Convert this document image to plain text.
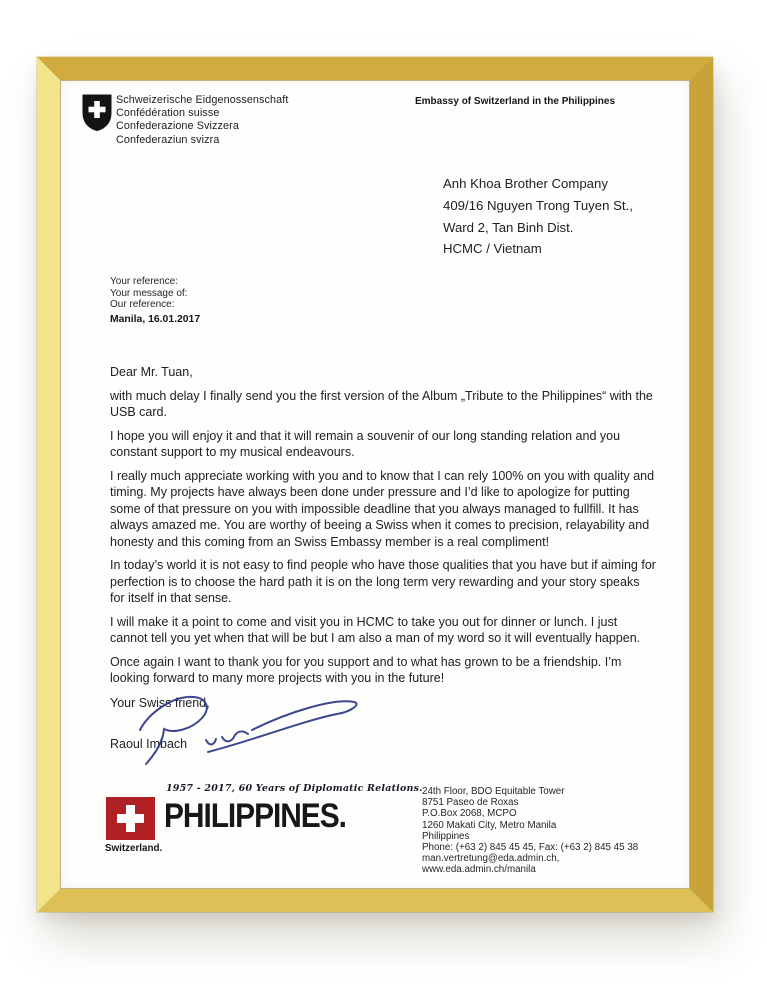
Schweizerische Eidgenossenschaft
Confédération suisse
Confederazione Svizzera
Confederaziun svizra
Embassy of Switzerland in the Philippines
Anh Khoa Brother Company
409/16 Nguyen Trong Tuyen St.,
Ward 2, Tan Binh Dist.
HCMC / Vietnam
Your reference:
Your message of:
Our reference:
Manila, 16.01.2017

Dear Mr. Tuan,

with much delay I finally send you the first version of the Album „Tribute to the Philippines“ with the USB card.

I hope you will enjoy it and that it will remain a souvenir of our long standing relation and you constant support to my musical endeavours.

I really much appreciate working with you and to know that I can rely 100% on you with quality and timing. My projects have always been done under pressure and I’d like to apologize for putting some of that pressure on you with impossible deadline that you always managed to fullfill. It has always amazed me. You are worthy of beeing a Swiss when it comes to precision, relayability and honesty and this coming from an Swiss Embassy member is a real compliment!

In today’s world it is not easy to find people who have those qualities that you have but if aiming for perfection is to choose the hard path it is on the long term very rewarding and your story speaks for itself in that sense.

I will make it a point to come and visit you in HCMC to take you out for dinner or lunch. I just cannot tell you yet when that will be but I am also a man of my word so it will eventually happen.

Once again I want to thank you for you support and to what has grown to be a friendship. I’m looking forward to many more projects with you in the future!

Your Swiss friend,
Raoul Imbach
Switzerland.
1957 - 2017, 60 Years of Diplomatic Relations.
PHILIPPINES.
24th Floor, BDO Equitable Tower
8751 Paseo de Roxas
P.O.Box 2068, MCPO
1260 Makati City, Metro Manila
Philippines
Phone: (+63 2) 845 45 45, Fax: (+63 2) 845 45 38
man.vertretung@eda.admin.ch,
www.eda.admin.ch/manila
